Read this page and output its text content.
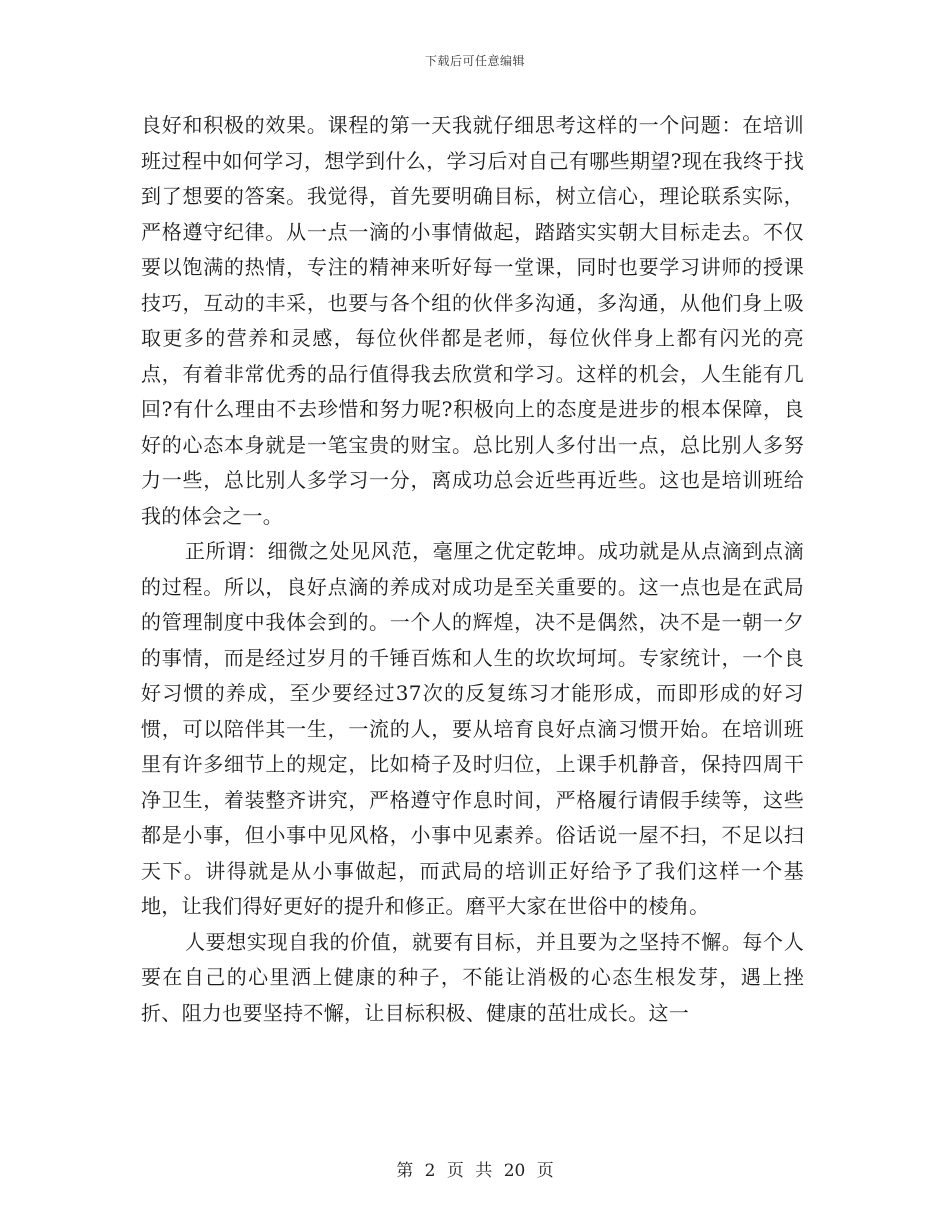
下载后可任意编辑

良好和积极的效果。课程的第一天我就仔细思考这样的一个问题：在培训班过程中如何学习，想学到什么，学习后对自己有哪些期望?现在我终于找到了想要的答案。我觉得，首先要明确目标，树立信心，理论联系实际，严格遵守纪律。从一点一滴的小事情做起，踏踏实实朝大目标走去。不仅要以饱满的热情，专注的精神来听好每一堂课，同时也要学习讲师的授课技巧，互动的丰采，也要与各个组的伙伴多沟通，多沟通，从他们身上吸取更多的营养和灵感，每位伙伴都是老师，每位伙伴身上都有闪光的亮点，有着非常优秀的品行值得我去欣赏和学习。这样的机会，人生能有几回?有什么理由不去珍惜和努力呢?积极向上的态度是进步的根本保障，良好的心态本身就是一笔宝贵的财宝。总比别人多付出一点，总比别人多努力一些，总比别人多学习一分，离成功总会近些再近些。这也是培训班给我的体会之一。

正所谓：细微之处见风范，毫厘之优定乾坤。成功就是从点滴到点滴的过程。所以，良好点滴的养成对成功是至关重要的。这一点也是在武局的管理制度中我体会到的。一个人的辉煌，决不是偶然，决不是一朝一夕的事情，而是经过岁月的千锤百炼和人生的坎坎坷坷。专家统计，一个良好习惯的养成，至少要经过37次的反复练习才能形成，而即形成的好习惯，可以陪伴其一生，一流的人，要从培育良好点滴习惯开始。在培训班里有许多细节上的规定，比如椅子及时归位，上课手机静音，保持四周干净卫生，着装整齐讲究，严格遵守作息时间，严格履行请假手续等，这些都是小事，但小事中见风格，小事中见素养。俗话说一屋不扫，不足以扫天下。讲得就是从小事做起，而武局的培训正好给予了我们这样一个基地，让我们得好更好的提升和修正。磨平大家在世俗中的棱角。

人要想实现自我的价值，就要有目标，并且要为之坚持不懈。每个人要在自己的心里洒上健康的种子，不能让消极的心态生根发芽，遇上挫折、阻力也要坚持不懈，让目标积极、健康的茁壮成长。这一

第 2 页 共 20 页
